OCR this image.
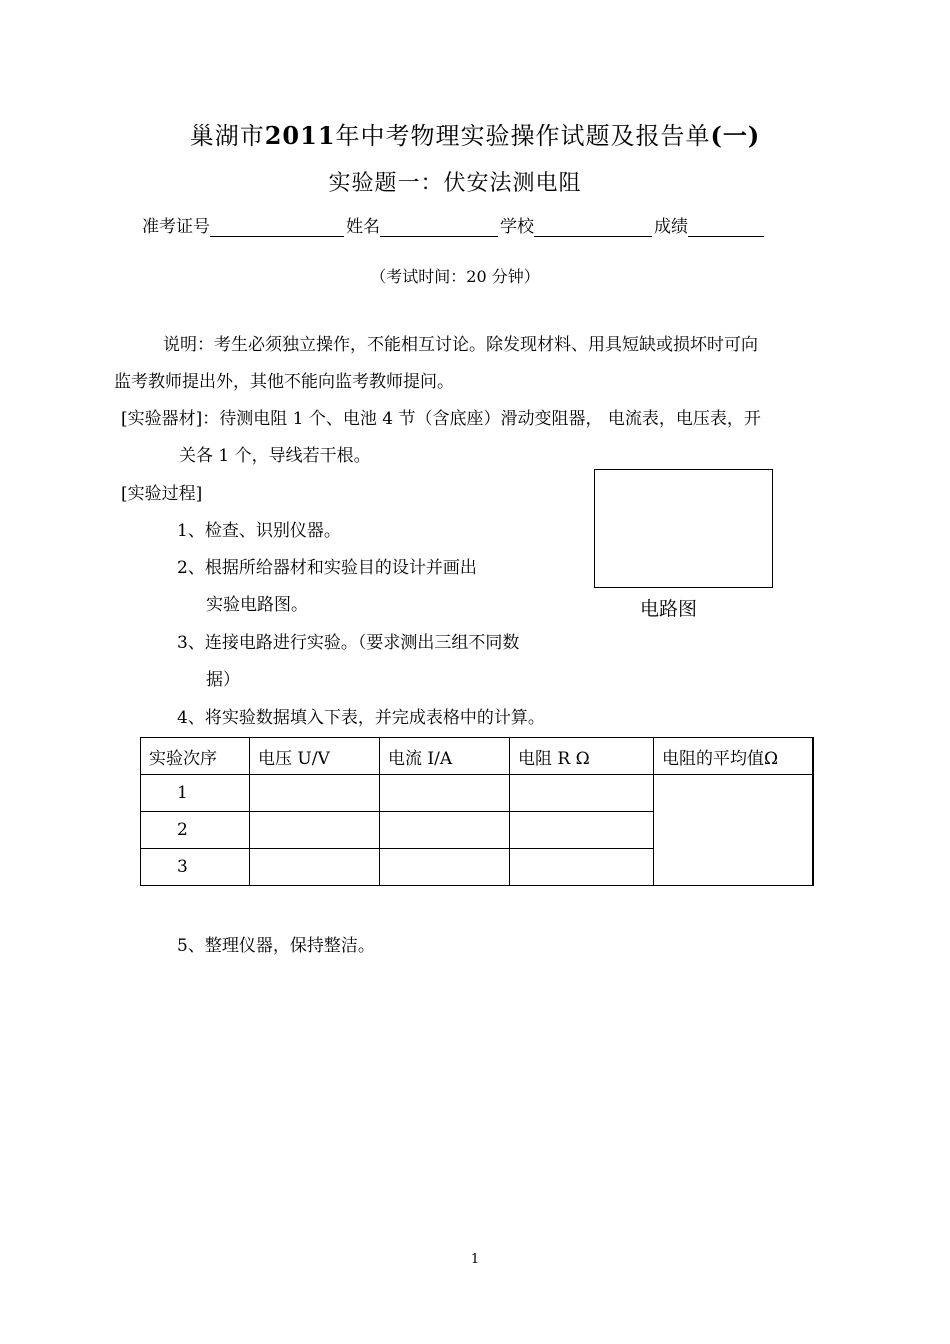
巢湖市2011年中考物理实验操作试题及报告单(一)
实验题一：伏安法测电阻
准考证号	姓名	学校	成绩
（考试时间：20 分钟）
说明：考生必须独立操作，不能相互讨论。除发现材料、用具短缺或损坏时可向
监考教师提出外，其他不能向监考教师提问。
[实验器材]：待测电阻 1 个、电池 4 节（含底座）滑动变阻器， 电流表，电压表，开
关各 1 个，导线若干根。
[实验过程]
1、检查、识别仪器。
2、根据所给器材和实验目的设计并画出
实验电路图。
3、连接电路进行实验。（要求测出三组不同数
据）
4、将实验数据填入下表，并完成表格中的计算。
电路图
实验次序	电压 U/V	电流 I/A	电阻 R Ω	电阻的平均值Ω
1				
2				
3				
5、整理仪器，保持整洁。
1
